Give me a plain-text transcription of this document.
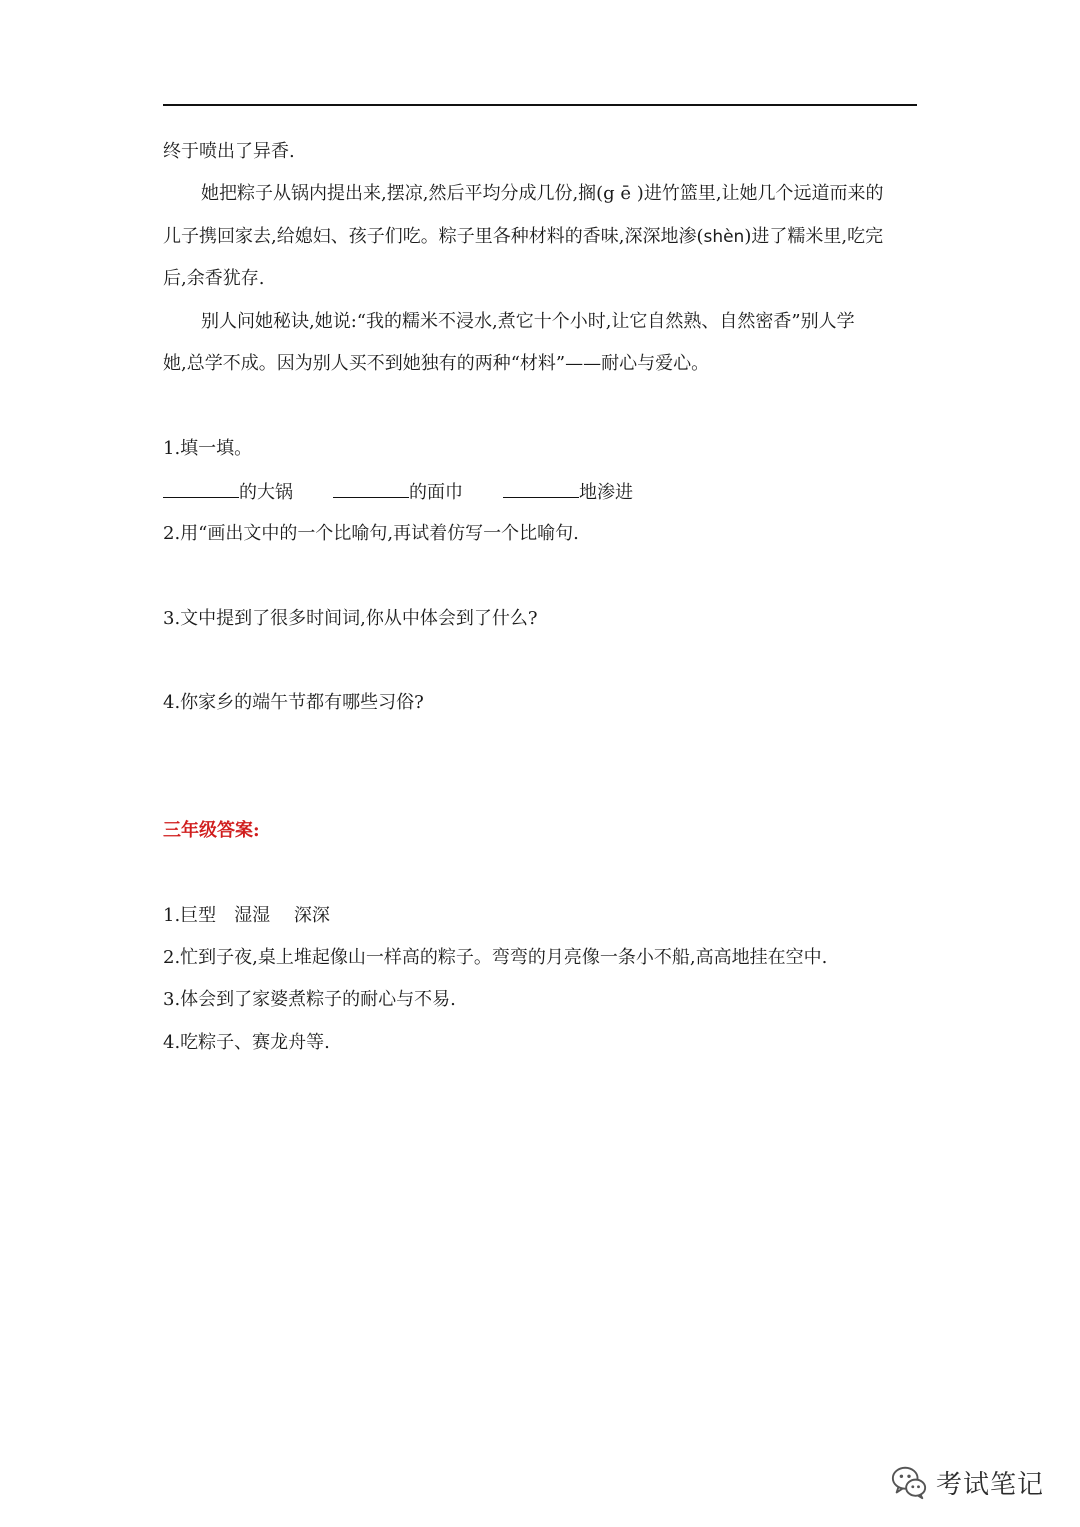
终于喷出了异香.
她把粽子从锅内提出来,摆凉,然后平均分成几份,搁(g ē )进竹篮里,让她几个远道而来的
儿子携回家去,给媳妇、孩子们吃。粽子里各种材料的香味,深深地渗(shèn)进了糯米里,吃完
后,余香犹存.
别人问她秘诀,她说:“我的糯米不浸水,煮它十个小时,让它自然熟、自然密香”别人学
她,总学不成。因为别人买不到她独有的两种“材料”——耐心与爱心。
1.填一填。
的大锅	的面巾	地渗进
2.用“画出文中的一个比喻句,再试着仿写一个比喻句.
3.文中提到了很多时间词,你从中体会到了什么?
4.你家乡的端午节都有哪些习俗?
三年级答案:
1.巨型　湿湿　 深深
2.忙到子夜,桌上堆起像山一样高的粽子。弯弯的月亮像一条小不船,高高地挂在空中.
3.体会到了家婆煮粽子的耐心与不易.
4.吃粽子、赛龙舟等.
考试笔记
